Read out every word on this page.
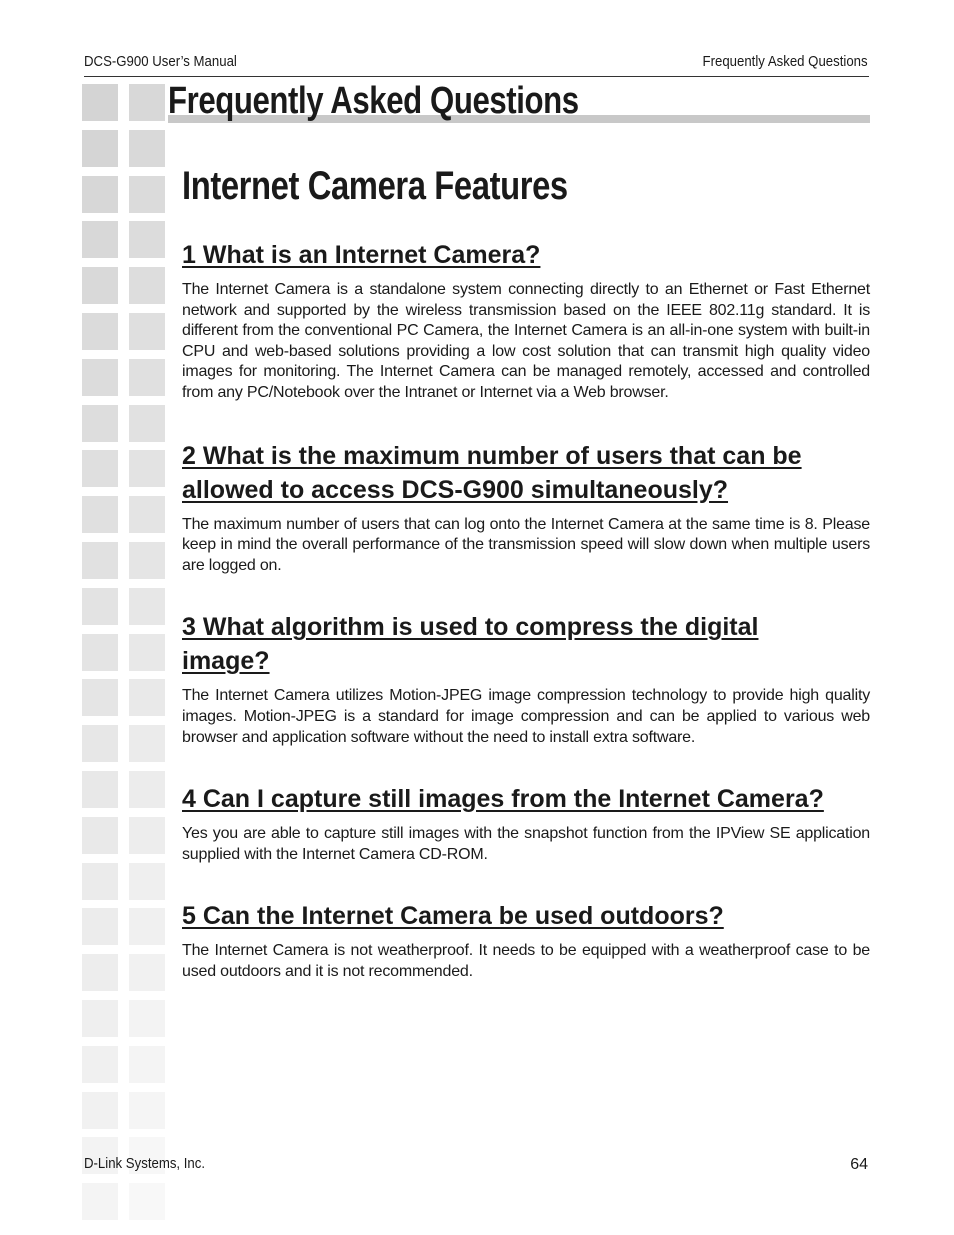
DCS-G900 User’s Manual	Frequently Asked Questions
Frequently Asked Questions
Internet Camera Features
1 What is an Internet Camera?

The Internet Camera is a standalone system connecting directly to an Ethernet or Fast Ethernet network and supported by the wireless transmission based on the IEEE 802.11g standard. It is different from the conventional PC Camera, the Internet Camera is an all-in-one system with built-in CPU and web-based solutions providing a low cost solution that can transmit high quality video images for monitoring. The Internet Camera can be managed remotely, accessed and controlled from any PC/Notebook over the Intranet or Internet via a Web browser.

2 What is the maximum number of users that can be allowed to access DCS-G900 simultaneously?

The maximum number of users that can log onto the Internet Camera at the same time is 8. Please keep in mind the overall performance of the transmission speed will slow down when multiple users are logged on.

3 What algorithm is used to compress the digital image?

The Internet Camera utilizes Motion-JPEG image compression technology to provide high quality images. Motion-JPEG is a standard for image compression and can be applied to various web browser and application software without the need to install extra software.

4 Can I capture still images from the Internet Camera?

Yes you are able to capture still images with the snapshot function from the IPView SE application supplied with the Internet Camera CD-ROM.

5 Can the Internet Camera be used outdoors?

The Internet Camera is not weatherproof. It needs to be equipped with a weatherproof case to be used outdoors and it is not recommended.

D-Link Systems, Inc.	64
